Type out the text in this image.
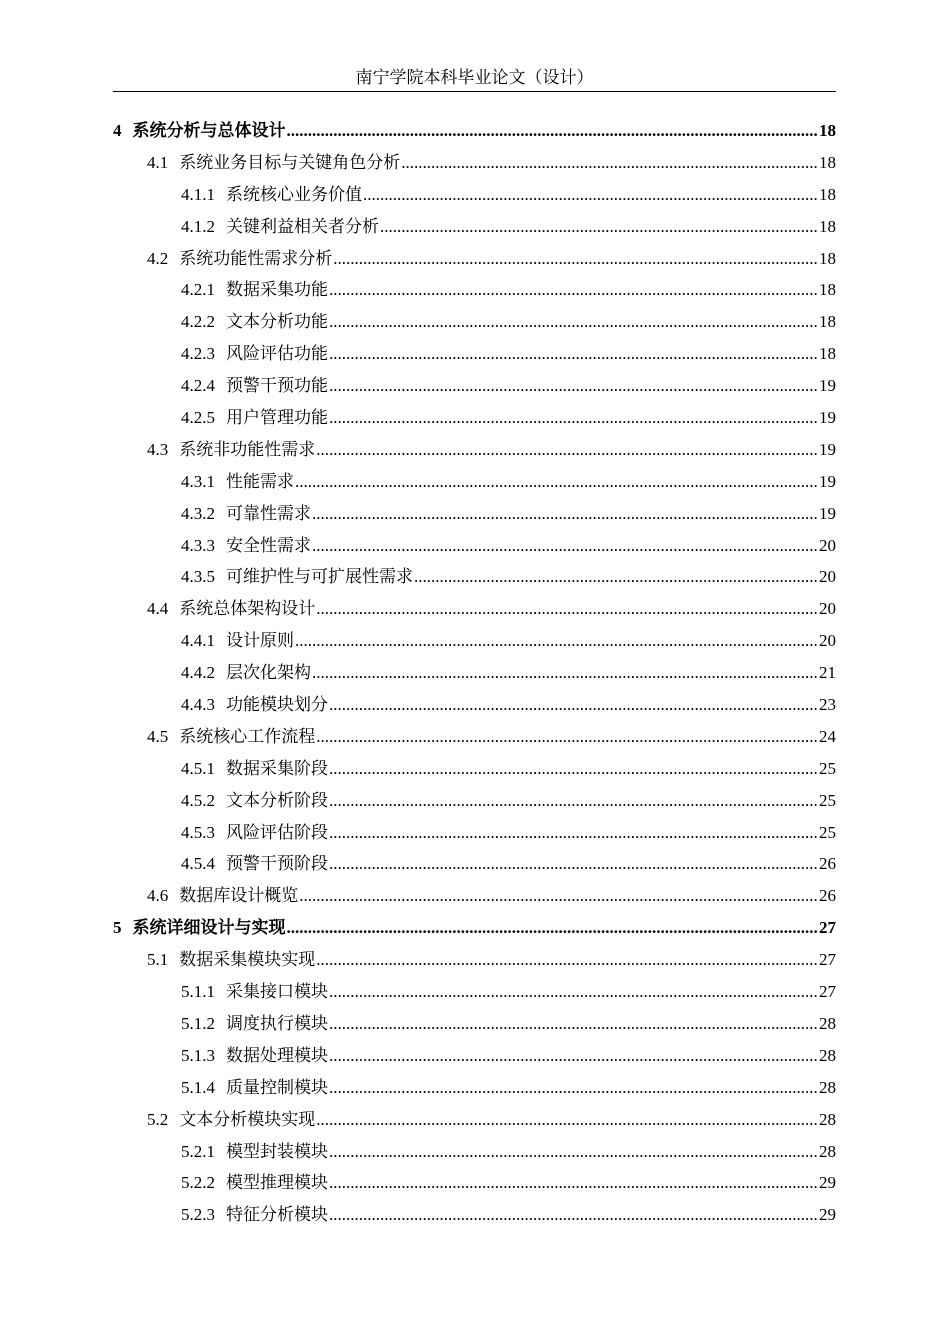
南宁学院本科毕业论文（设计）
4 系统分析与总体设计 .....	18
4.1 系统业务目标与关键角色分析 .....	18
4.1.1 系统核心业务价值 .....	18
4.1.2 关键利益相关者分析 .....	18
4.2 系统功能性需求分析 .....	18
4.2.1 数据采集功能 .....	18
4.2.2 文本分析功能 .....	18
4.2.3 风险评估功能 .....	18
4.2.4 预警干预功能 .....	19
4.2.5 用户管理功能 .....	19
4.3 系统非功能性需求 .....	19
4.3.1 性能需求 .....	19
4.3.2 可靠性需求 .....	19
4.3.3 安全性需求 .....	20
4.3.5 可维护性与可扩展性需求 .....	20
4.4 系统总体架构设计 .....	20
4.4.1 设计原则 .....	20
4.4.2 层次化架构 .....	21
4.4.3 功能模块划分 .....	23
4.5 系统核心工作流程 .....	24
4.5.1 数据采集阶段 .....	25
4.5.2 文本分析阶段 .....	25
4.5.3 风险评估阶段 .....	25
4.5.4 预警干预阶段 .....	26
4.6 数据库设计概览 .....	26
5 系统详细设计与实现 .....	27
5.1 数据采集模块实现 .....	27
5.1.1 采集接口模块 .....	27
5.1.2 调度执行模块 .....	28
5.1.3 数据处理模块 .....	28
5.1.4 质量控制模块 .....	28
5.2 文本分析模块实现 .....	28
5.2.1 模型封装模块 .....	28
5.2.2 模型推理模块 .....	29
5.2.3 特征分析模块 .....	29
